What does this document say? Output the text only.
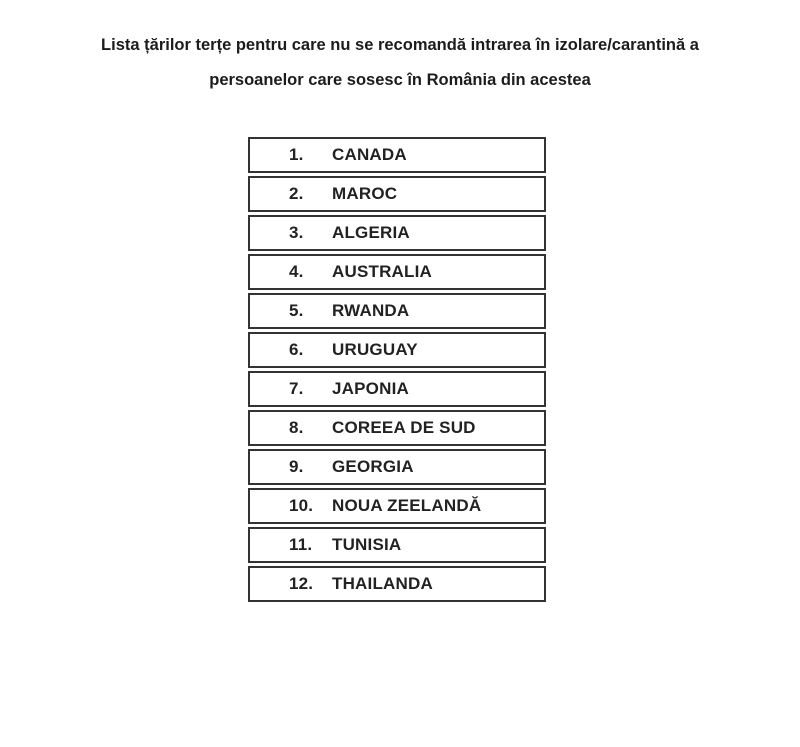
Lista țărilor terțe pentru care nu se recomandă intrarea în izolare/carantină a
persoanelor care sosesc în România din acestea
1.	CANADA
2.	MAROC
3.	ALGERIA
4.	AUSTRALIA
5.	RWANDA
6.	URUGUAY
7.	JAPONIA
8.	COREEA DE SUD
9.	GEORGIA
10.	NOUA ZEELANDĂ
11.	TUNISIA
12.	THAILANDA
